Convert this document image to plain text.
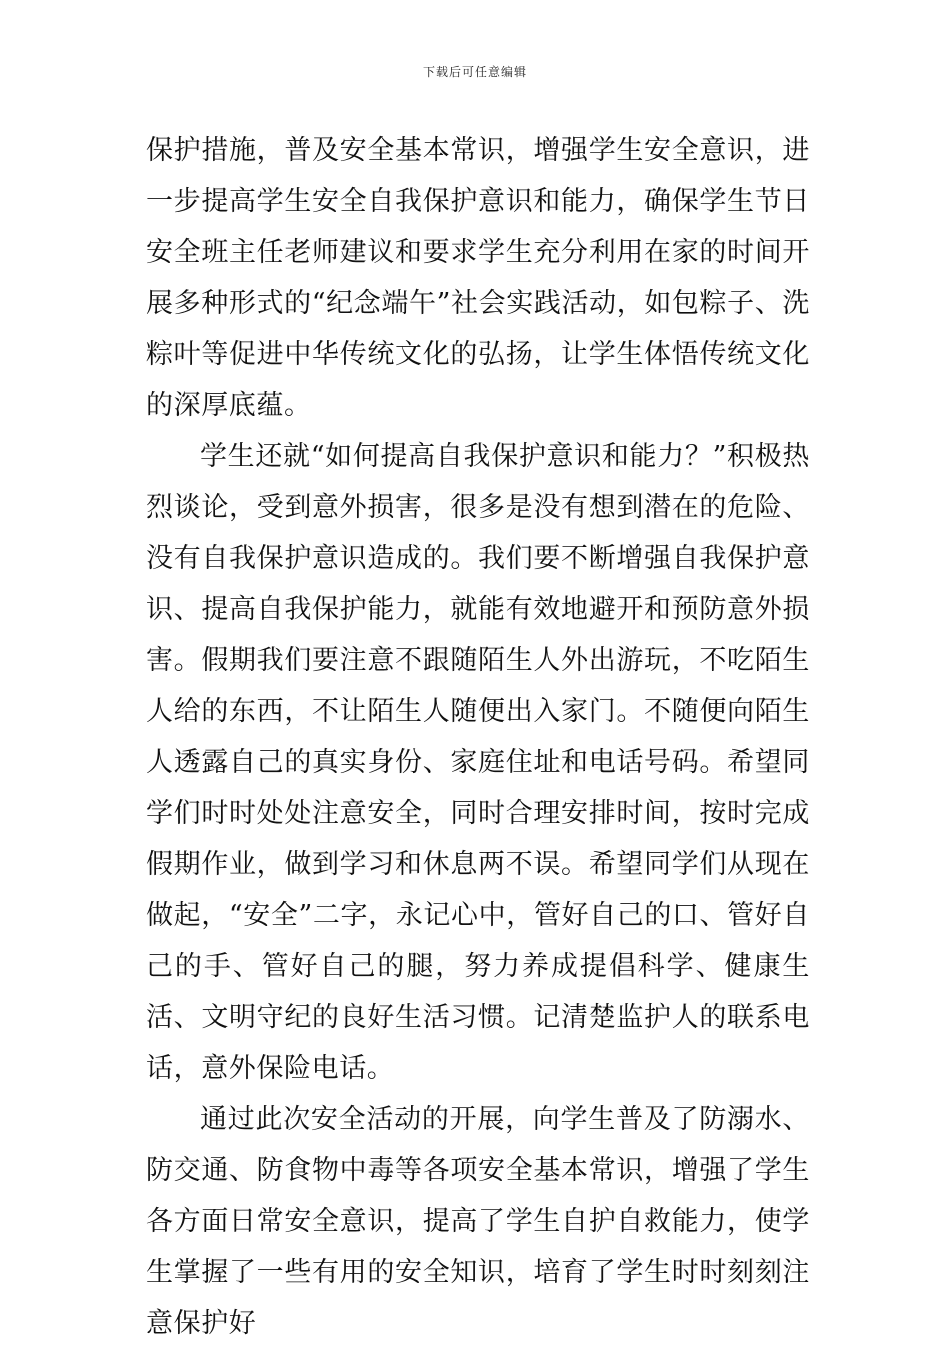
下载后可任意编辑

保护措施，普及安全基本常识，增强学生安全意识，进一步提高学生安全自我保护意识和能力，确保学生节日安全班主任老师建议和要求学生充分利用在家的时间开展多种形式的“纪念端午”社会实践活动，如包粽子、洗粽叶等促进中华传统文化的弘扬，让学生体悟传统文化的深厚底蕴。

学生还就“如何提高自我保护意识和能力？”积极热烈谈论，受到意外损害，很多是没有想到潜在的危险、没有自我保护意识造成的。我们要不断增强自我保护意识、提高自我保护能力，就能有效地避开和预防意外损害。假期我们要注意不跟随陌生人外出游玩，不吃陌生人给的东西，不让陌生人随便出入家门。不随便向陌生人透露自己的真实身份、家庭住址和电话号码。希望同学们时时处处注意安全，同时合理安排时间，按时完成假期作业，做到学习和休息两不误。希望同学们从现在做起，“安全”二字，永记心中，管好自己的口、管好自己的手、管好自己的腿，努力养成提倡科学、健康生活、文明守纪的良好生活习惯。记清楚监护人的联系电话，意外保险电话。

通过此次安全活动的开展，向学生普及了防溺水、防交通、防食物中毒等各项安全基本常识，增强了学生各方面日常安全意识，提高了学生自护自救能力，使学生掌握了一些有用的安全知识，培育了学生时时刻刻注意保护好
